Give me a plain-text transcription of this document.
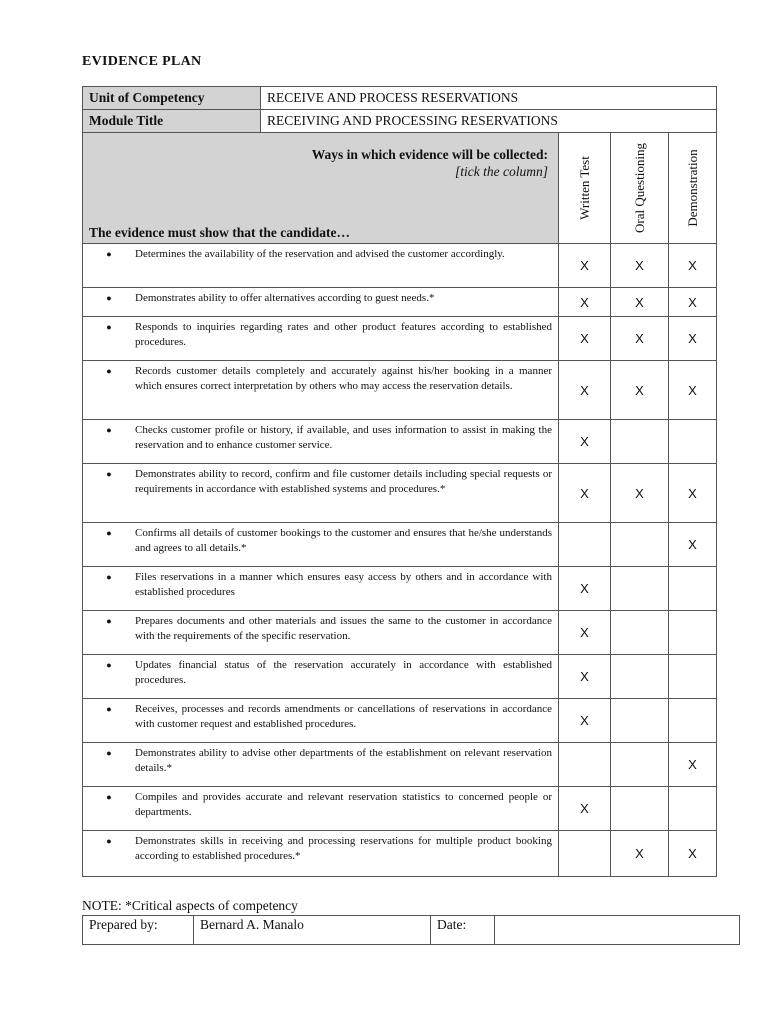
EVIDENCE PLAN
Unit of Competency	RECEIVE AND PROCESS RESERVATIONS			
Module Title	RECEIVING AND PROCESSING RESERVATIONS			

Ways in which evidence will be collected:
[tick the column]
The evidence must show that the candidate…		Written Test	Oral Questioning	Demonstration

● Determines the availability of the reservation and advised the customer accordingly.		X	X	X

● Demonstrates ability to offer alternatives according to guest needs.*		X	X	X

● Responds to inquiries regarding rates and other product features according to established procedures.		X	X	X

● Records customer details completely and accurately against his/her booking in a manner which ensures correct interpretation by others who may access the reservation details.		X	X	X

● Checks customer profile or history, if available, and uses information to assist in making the reservation and to enhance customer service.		X		

● Demonstrates ability to record, confirm and file customer details including special requests or requirements in accordance with established systems and procedures.*		X	X	X

● Confirms all details of customer bookings to the customer and ensures that he/she understands and agrees to all details.*				X

● Files reservations in a manner which ensures easy access by others and in accordance with established procedures		X		

● Prepares documents and other materials and issues the same to the customer in accordance with the requirements of the specific reservation.		X		

● Updates financial status of the reservation accurately in accordance with established procedures.		X		

● Receives, processes and records amendments or cancellations of reservations in accordance with customer request and established procedures.		X		

● Demonstrates ability to advise other departments of the establishment on relevant reservation details.*				X

● Compiles and provides accurate and relevant reservation statistics to concerned people or departments.		X		

● Demonstrates skills in receiving and processing reservations for multiple product booking according to established procedures.*			X	X
NOTE: *Critical aspects of competency
Prepared by:	Bernard A. Manalo	Date:	
